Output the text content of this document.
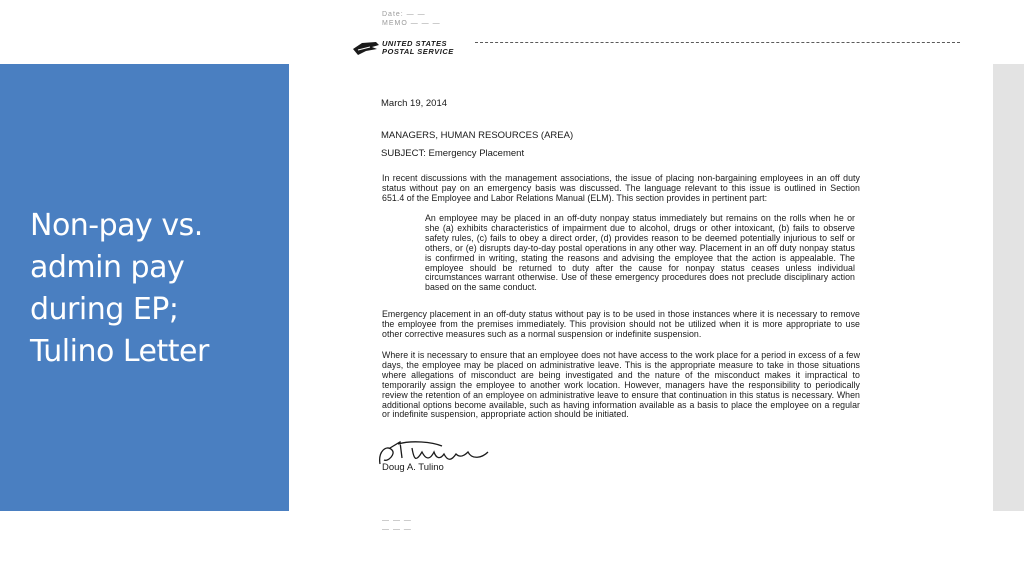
Non-pay vs.
admin pay
during EP;
Tulino Letter
Date: — —
MEMO — — —
UNITED STATES
POSTAL SERVICE

March 19, 2014

MANAGERS, HUMAN RESOURCES (AREA)

SUBJECT: Emergency Placement

In recent discussions with the management associations, the issue of placing non-bargaining employees in an off duty status without pay on an emergency basis was discussed. The language relevant to this issue is outlined in Section 651.4 of the Employee and Labor Relations Manual (ELM). This section provides in pertinent part:

An employee may be placed in an off-duty nonpay status immediately but remains on the rolls when he or she (a) exhibits characteristics of impairment due to alcohol, drugs or other intoxicant, (b) fails to observe safety rules, (c) fails to obey a direct order, (d) provides reason to be deemed potentially injurious to self or others, or (e) disrupts day-to-day postal operations in any other way. Placement in an off duty nonpay status is confirmed in writing, stating the reasons and advising the employee that the action is appealable. The employee should be returned to duty after the cause for nonpay status ceases unless individual circumstances warrant otherwise. Use of these emergency procedures does not preclude disciplinary action based on the same conduct.

Emergency placement in an off-duty status without pay is to be used in those instances where it is necessary to remove the employee from the premises immediately. This provision should not be utilized when it is more appropriate to use other corrective measures such as a normal suspension or indefinite suspension.

Where it is necessary to ensure that an employee does not have access to the work place for a period in excess of a few days, the employee may be placed on administrative leave. This is the appropriate measure to take in those situations where allegations of misconduct are being investigated and the nature of the misconduct makes it impractical to temporarily assign the employee to another work location. However, managers have the responsibility to periodically review the retention of an employee on administrative leave to ensure that continuation in this status is necessary. When additional options become available, such as having information available as a basis to place the employee on a regular or indefinite suspension, appropriate action should be initiated.

Doug A. Tulino

— — —
— — —
